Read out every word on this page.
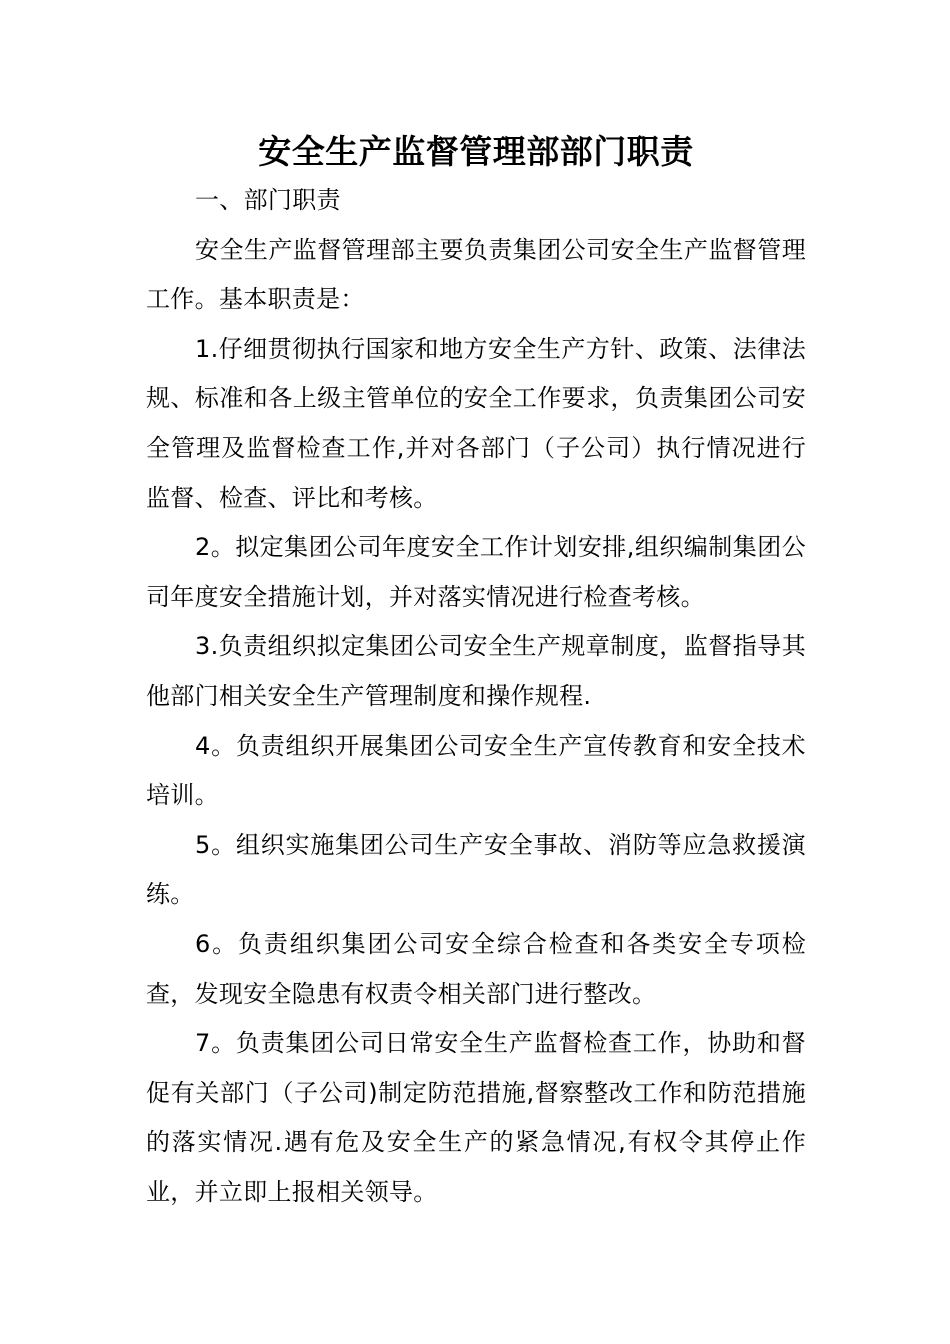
安全生产监督管理部部门职责

一、部门职责

安全生产监督管理部主要负责集团公司安全生产监督管理工作。基本职责是：

1.仔细贯彻执行国家和地方安全生产方针、政策、法律法规、标准和各上级主管单位的安全工作要求，负责集团公司安全管理及监督检查工作,并对各部门（子公司）执行情况进行监督、检查、评比和考核。

2。拟定集团公司年度安全工作计划安排,组织编制集团公司年度安全措施计划，并对落实情况进行检查考核。

3.负责组织拟定集团公司安全生产规章制度，监督指导其他部门相关安全生产管理制度和操作规程.

4。负责组织开展集团公司安全生产宣传教育和安全技术培训。

5。组织实施集团公司生产安全事故、消防等应急救援演练。

6。负责组织集团公司安全综合检查和各类安全专项检查，发现安全隐患有权责令相关部门进行整改。

7。负责集团公司日常安全生产监督检查工作，协助和督促有关部门（子公司)制定防范措施,督察整改工作和防范措施的落实情况.遇有危及安全生产的紧急情况,有权令其停止作业，并立即上报相关领导。
